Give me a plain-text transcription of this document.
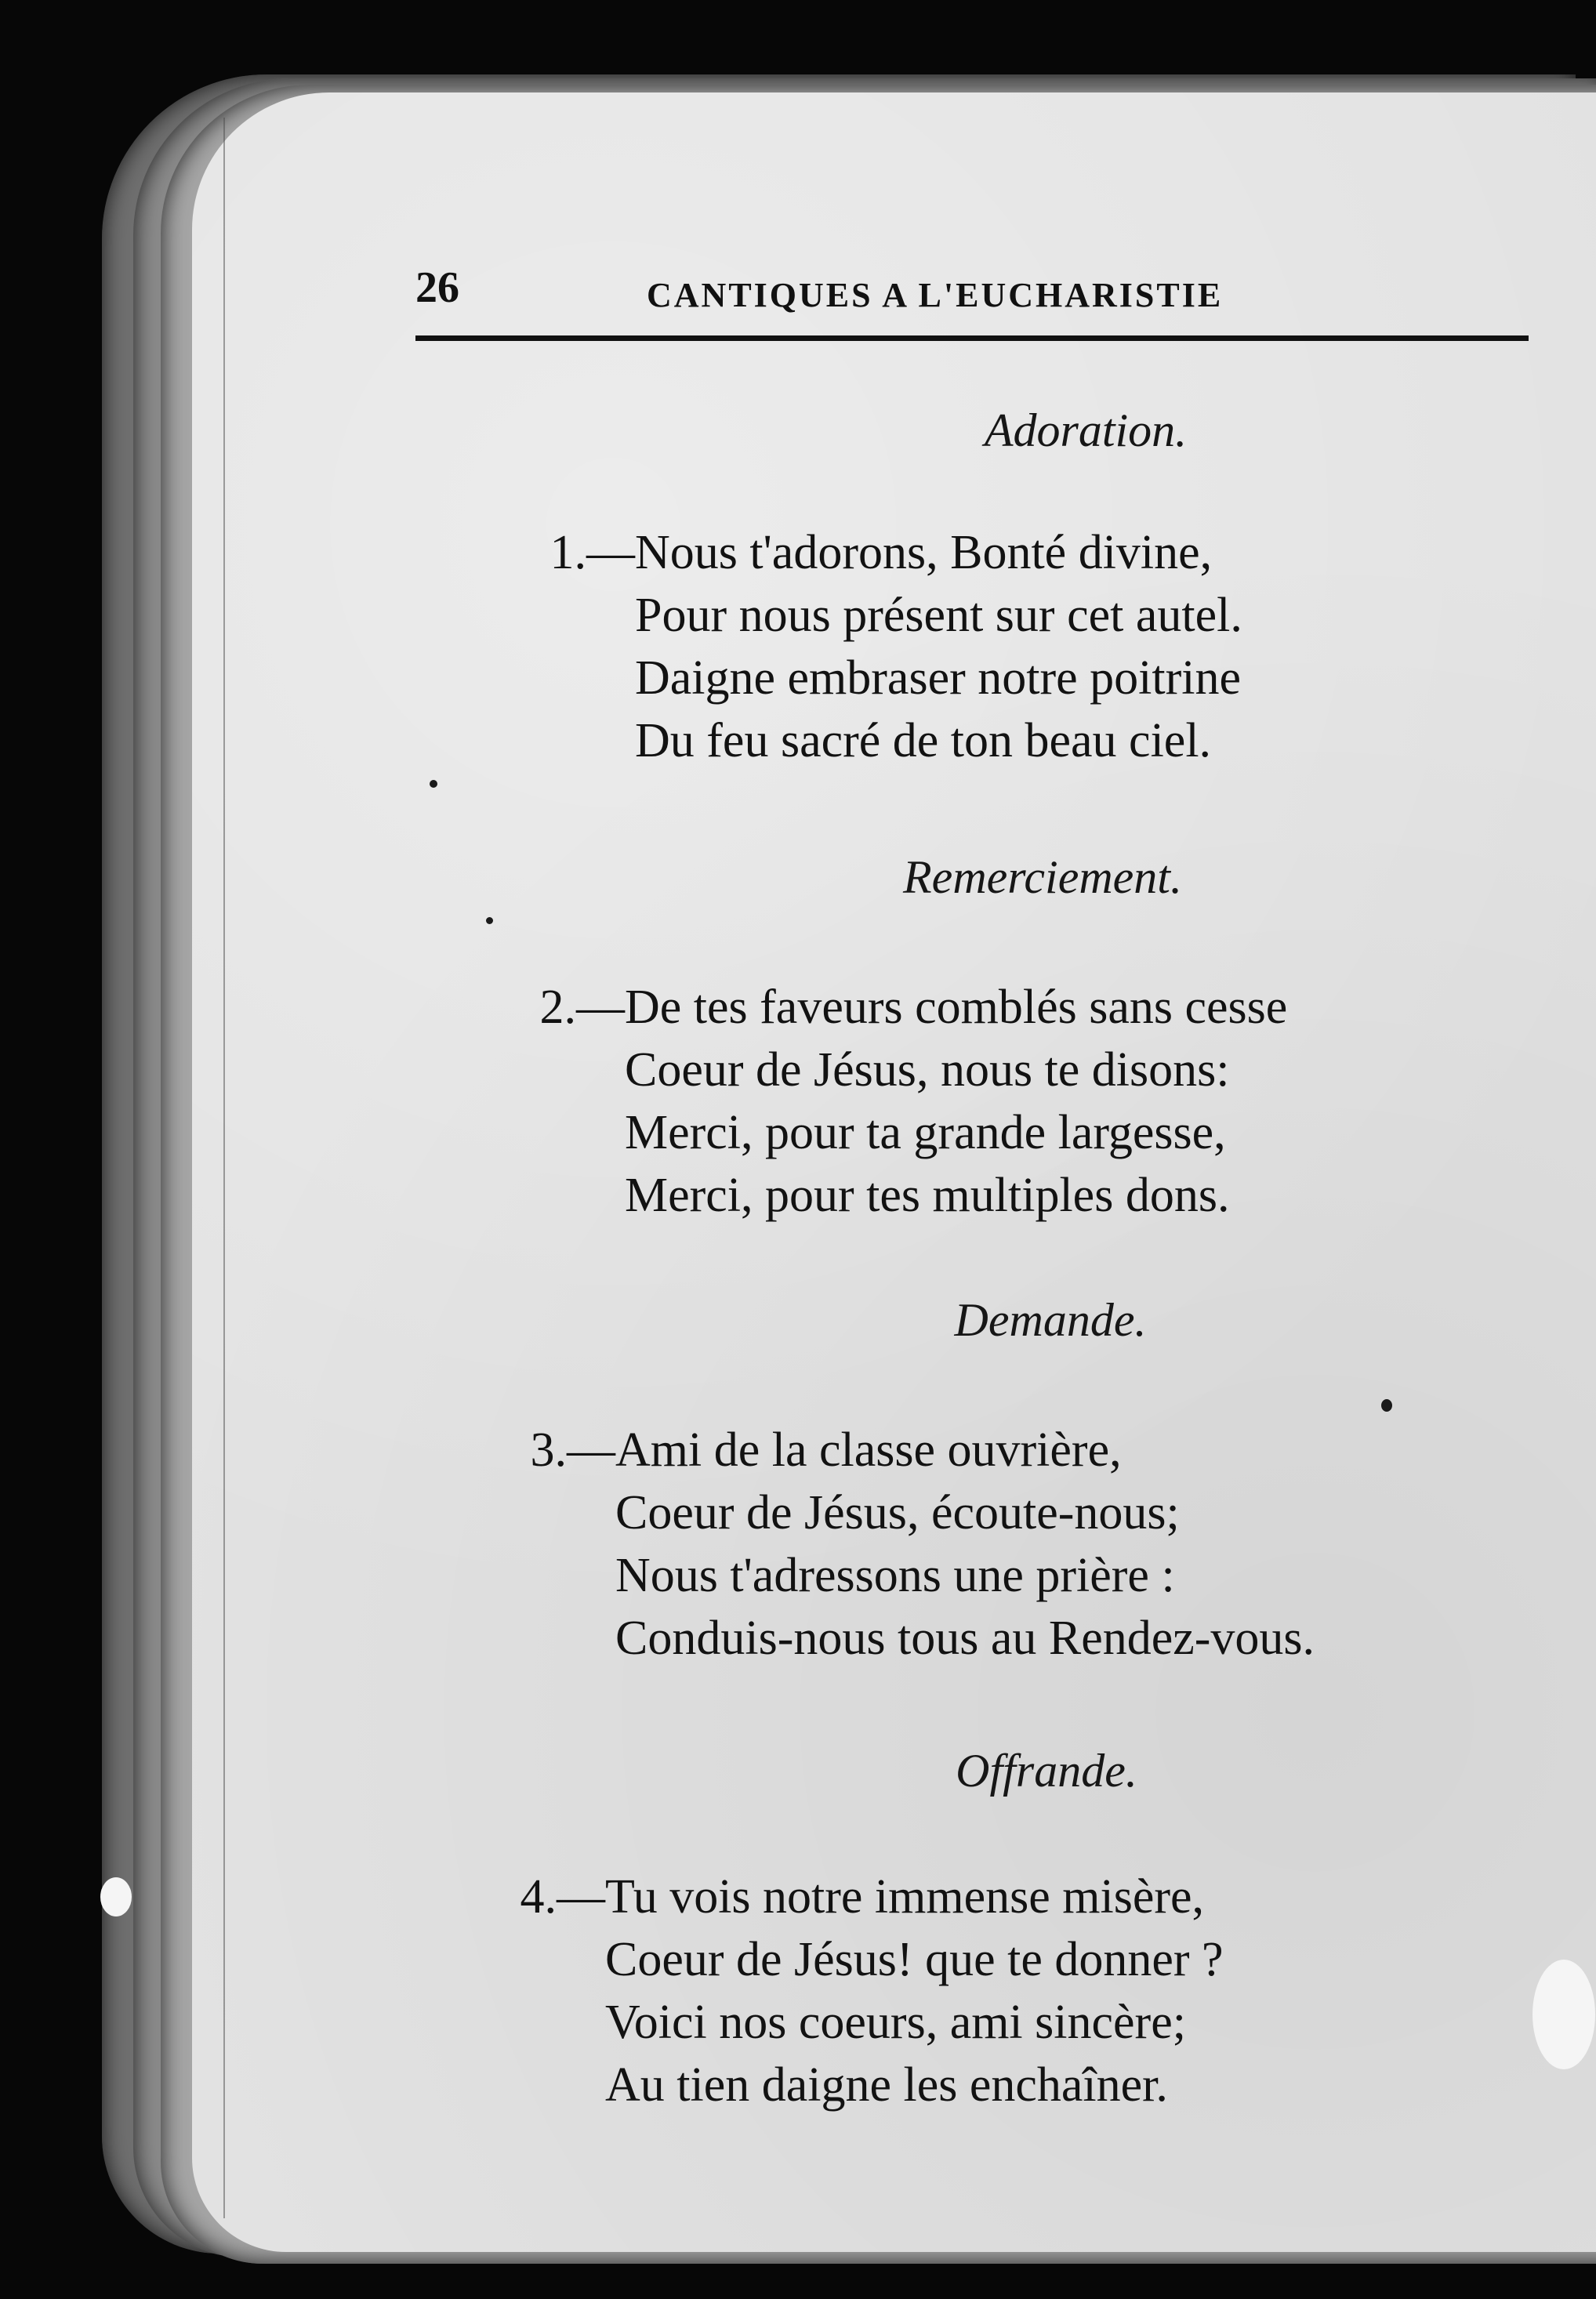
26	CANTIQUES A L'EUCHARISTIE
Adoration.
1.— Nous t'adorons, Bonté divine,
Pour nous présent sur cet autel.
Daigne embraser notre poitrine
Du feu sacré de ton beau ciel.
Remerciement.
2.— De tes faveurs comblés sans cesse
Coeur de Jésus, nous te disons:
Merci, pour ta grande largesse,
Merci, pour tes multiples dons.
Demande.
3.— Ami de la classe ouvrière,
Coeur de Jésus, écoute-nous;
Nous t'adressons une prière :
Conduis-nous tous au Rendez-vous.
Offrande.
4.— Tu vois notre immense misère,
Coeur de Jésus! que te donner ?
Voici nos coeurs, ami sincère;
Au tien daigne les enchaîner.
